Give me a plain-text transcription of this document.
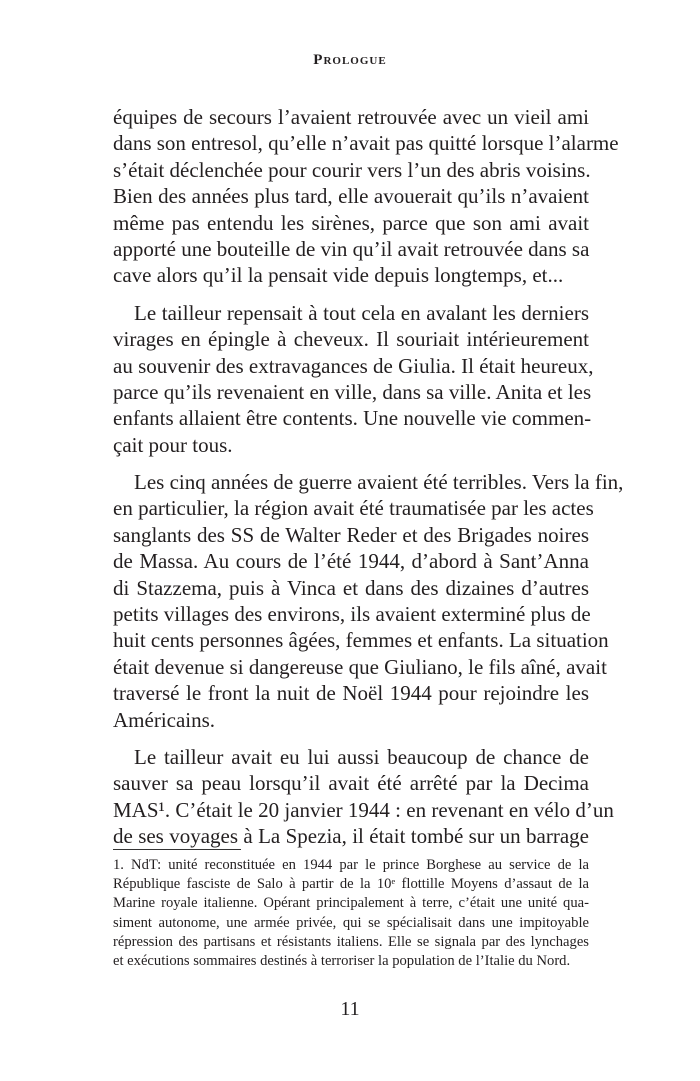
Prologue
équipes de secours l’avaient retrouvée avec un vieil ami
dans son entresol, qu’elle n’avait pas quitté lorsque l’alarme
s’était déclenchée pour courir vers l’un des abris voisins.
Bien des années plus tard, elle avouerait qu’ils n’avaient
même pas entendu les sirènes, parce que son ami avait
apporté une bouteille de vin qu’il avait retrouvée dans sa
cave alors qu’il la pensait vide depuis longtemps, et...
Le tailleur repensait à tout cela en avalant les derniers
virages en épingle à cheveux. Il souriait intérieurement
au souvenir des extravagances de Giulia. Il était heureux,
parce qu’ils revenaient en ville, dans sa ville. Anita et les
enfants allaient être contents. Une nouvelle vie commen-
çait pour tous.
Les cinq années de guerre avaient été terribles. Vers la fin,
en particulier, la région avait été traumatisée par les actes
sanglants des SS de Walter Reder et des Brigades noires
de Massa. Au cours de l’été 1944, d’abord à Sant’Anna
di Stazzema, puis à Vinca et dans des dizaines d’autres
petits villages des environs, ils avaient exterminé plus de
huit cents personnes âgées, femmes et enfants. La situation
était devenue si dangereuse que Giuliano, le fils aîné, avait
traversé le front la nuit de Noël 1944 pour rejoindre les
Américains.
Le tailleur avait eu lui aussi beaucoup de chance de
sauver sa peau lorsqu’il avait été arrêté par la Decima
MAS¹. C’était le 20 janvier 1944 : en revenant en vélo d’un
de ses voyages à La Spezia, il était tombé sur un barrage
1. NdT: unité reconstituée en 1944 par le prince Borghese au service de la
République fasciste de Salo à partir de la 10ᵉ flottille Moyens d’assaut de la
Marine royale italienne. Opérant principalement à terre, c’était une unité qua-
siment autonome, une armée privée, qui se spécialisait dans une impitoyable
répression des partisans et résistants italiens. Elle se signala par des lynchages
et exécutions sommaires destinés à terroriser la population de l’Italie du Nord.
11
